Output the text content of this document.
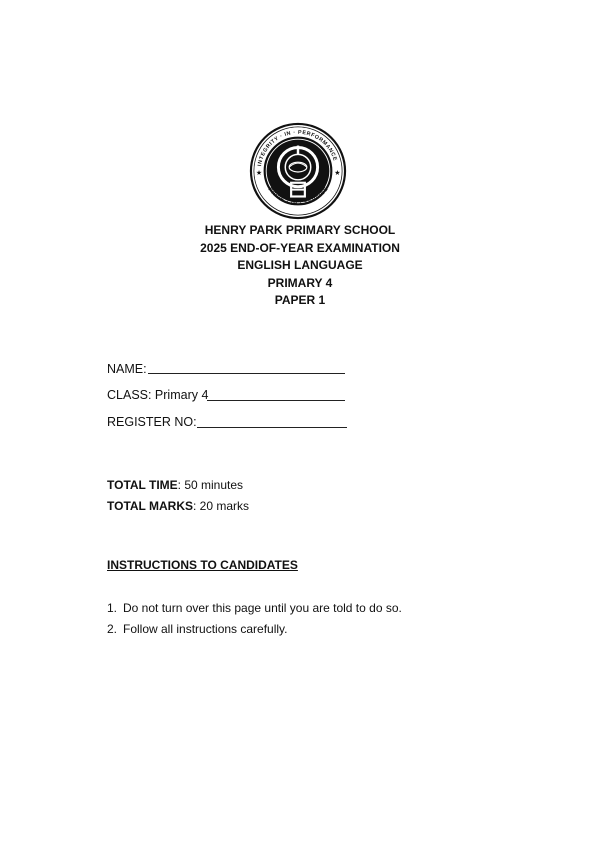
★	★
INTEGRITY · IN · PERFORMANCE
PRIDE · IN · SERVICE
HENRY PARK PRIMARY SCHOOL
2025 END-OF-YEAR EXAMINATION
ENGLISH LANGUAGE
PRIMARY 4
PAPER 1
NAME:
CLASS: Primary 4
REGISTER NO:
TOTAL TIME: 50 minutes
TOTAL MARKS: 20 marks
INSTRUCTIONS TO CANDIDATES
1. Do not turn over this page until you are told to do so.
2. Follow all instructions carefully.
